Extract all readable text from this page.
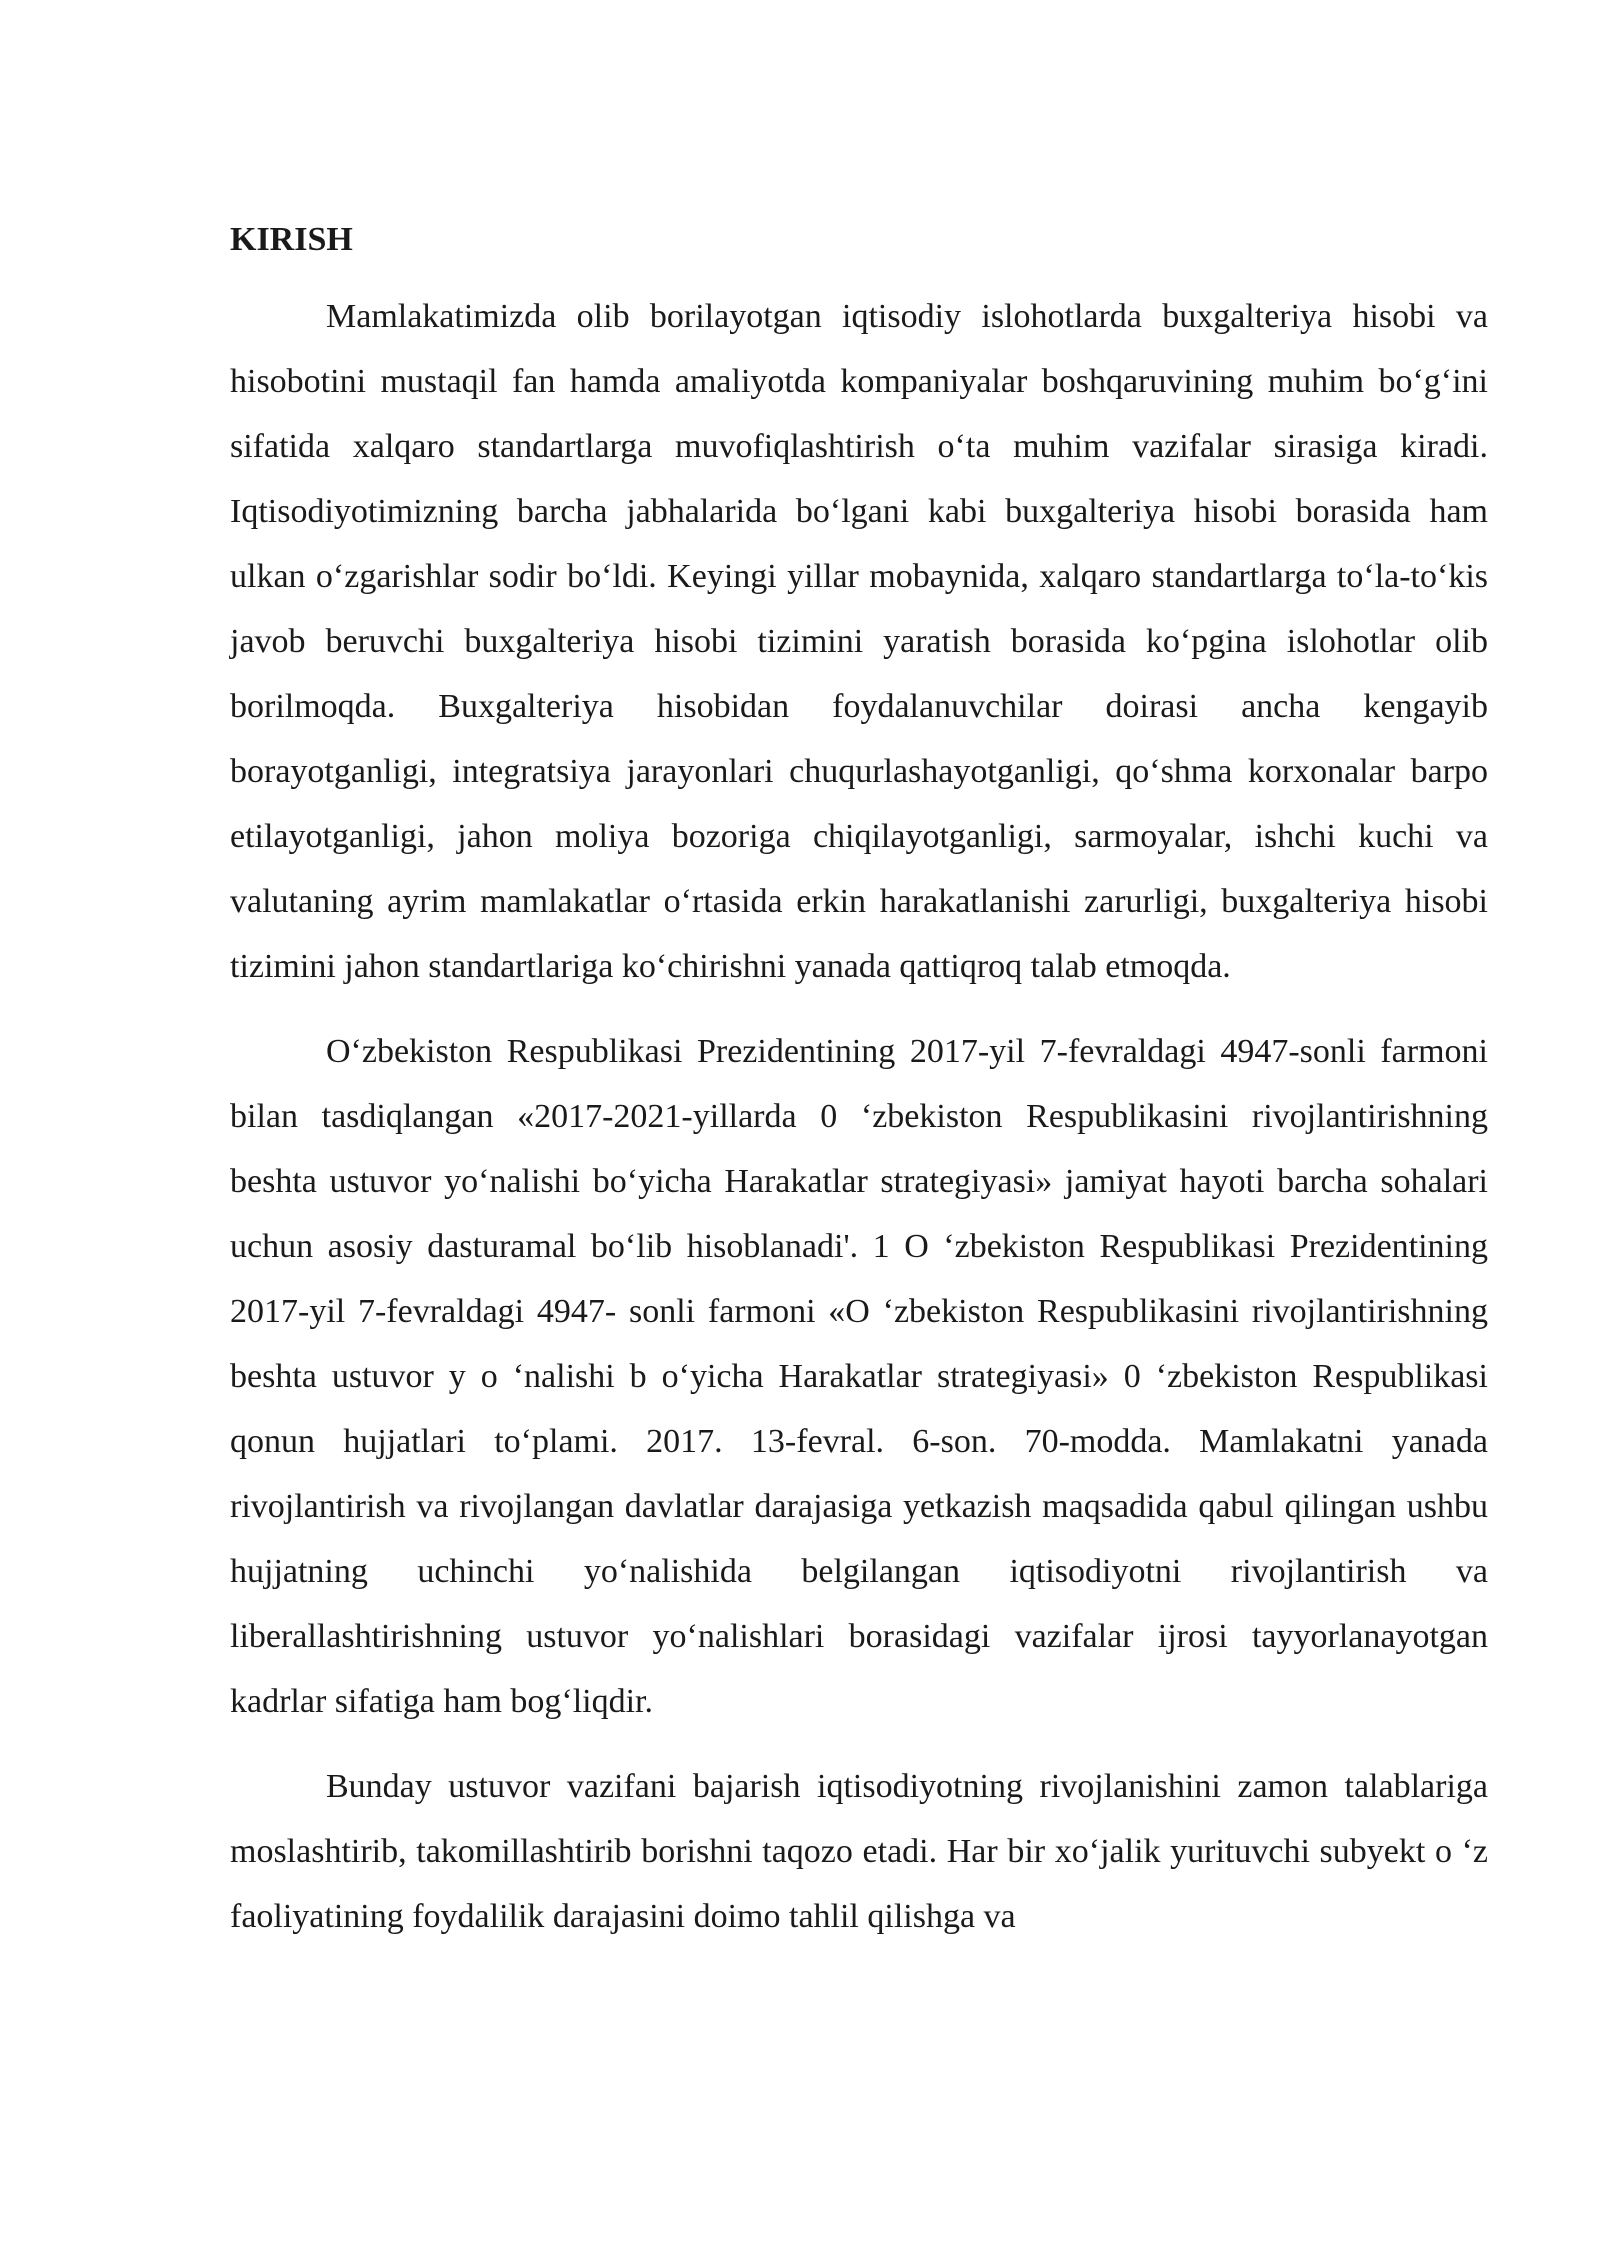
KIRISH

Mamlakatimizda olib borilayotgan iqtisodiy islohotlarda buxgalteriya hisobi va hisobotini mustaqil fan hamda amaliyotda kompaniyalar boshqaruvining muhim bo‘g‘ini sifatida xalqaro standartlarga muvofiqlashtirish o‘ta muhim vazifalar sirasiga kiradi. Iqtisodiyotimizning barcha jabhalarida bo‘lgani kabi buxgalteriya hisobi borasida ham ulkan o‘zgarishlar sodir bo‘ldi. Keyingi yillar mobaynida, xalqaro standartlarga to‘la-to‘kis javob beruvchi buxgalteriya hisobi tizimini yaratish borasida ko‘pgina islohotlar olib borilmoqda. Buxgalteriya hisobidan foydalanuvchilar doirasi ancha kengayib borayotganligi, integratsiya jarayonlari chuqurlashayotganligi, qo‘shma korxonalar barpo etilayotganligi, jahon moliya bozoriga chiqilayotganligi, sarmoyalar, ishchi kuchi va valutaning ayrim mamlakatlar o‘rtasida erkin harakatlanishi zarurligi, buxgalteriya hisobi tizimini jahon standartlariga ko‘chirishni yanada qattiqroq talab etmoqda.

O‘zbekiston Respublikasi Prezidentining 2017-yil 7-fevraldagi 4947-sonli farmoni bilan tasdiqlangan «2017-2021-yillarda 0 ‘zbekiston Respublikasini rivojlantirishning beshta ustuvor yo‘nalishi bo‘yicha Harakatlar strategiyasi» jamiyat hayoti barcha sohalari uchun asosiy dasturamal bo‘lib hisoblanadi'. 1 O ‘zbekiston Respublikasi Prezidentining 2017-yil 7-fevraldagi 4947- sonli farmoni «O ‘zbekiston Respublikasini rivojlantirishning beshta ustuvor y o ‘nalishi b o‘yicha Harakatlar strategiyasi» 0 ‘zbekiston Respublikasi qonun hujjatlari to‘plami. 2017. 13-fevral. 6-son. 70-modda. Mamlakatni yanada rivojlantirish va rivojlangan davlatlar darajasiga yetkazish maqsadida qabul qilingan ushbu hujjatning uchinchi yo‘nalishida belgilangan iqtisodiyotni rivojlantirish va liberallashtirishning ustuvor yo‘nalishlari borasidagi vazifalar ijrosi tayyorlanayotgan kadrlar sifatiga ham bog‘liqdir.

Bunday ustuvor vazifani bajarish iqtisodiyotning rivojlanishini zamon talablariga moslashtirib, takomillashtirib borishni taqozo etadi. Har bir xo‘jalik yurituvchi subyekt o ‘z faoliyatining foydalilik darajasini doimo tahlil qilishga va
